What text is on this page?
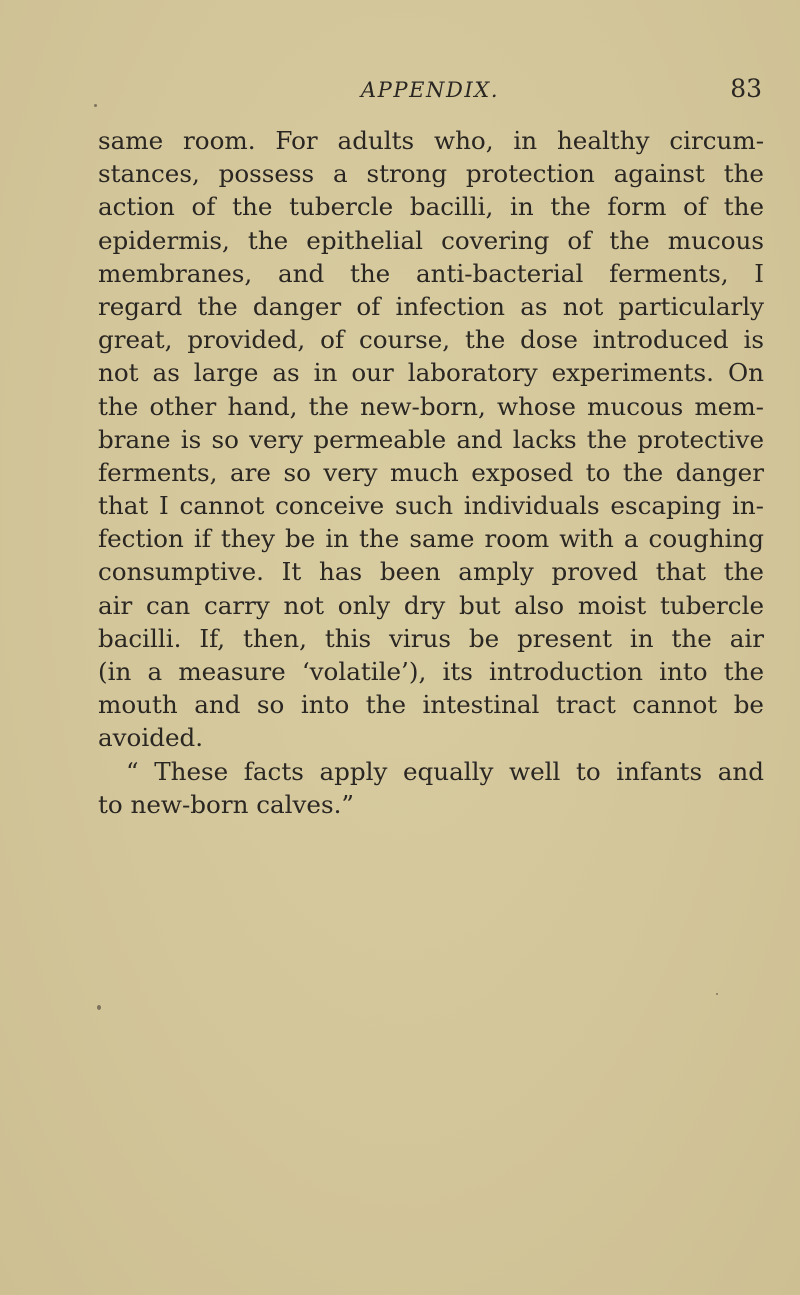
APPENDIX.	83
same room. For adults who, in healthy circum-
stances, possess a strong protection against the
action of the tubercle bacilli, in the form of the
epidermis, the epithelial covering of the mucous
membranes, and the anti-bacterial ferments, I
regard the danger of infection as not particularly
great, provided, of course, the dose introduced is
not as large as in our laboratory experiments. On
the other hand, the new-born, whose mucous mem-
brane is so very permeable and lacks the protective
ferments, are so very much exposed to the danger
that I cannot conceive such individuals escaping in-
fection if they be in the same room with a coughing
consumptive. It has been amply proved that the
air can carry not only dry but also moist tubercle
bacilli. If, then, this virus be present in the air
(in a measure ‘volatile’), its introduction into the
mouth and so into the intestinal tract cannot be
avoided.
“ These facts apply equally well to infants and
to new-born calves.”
